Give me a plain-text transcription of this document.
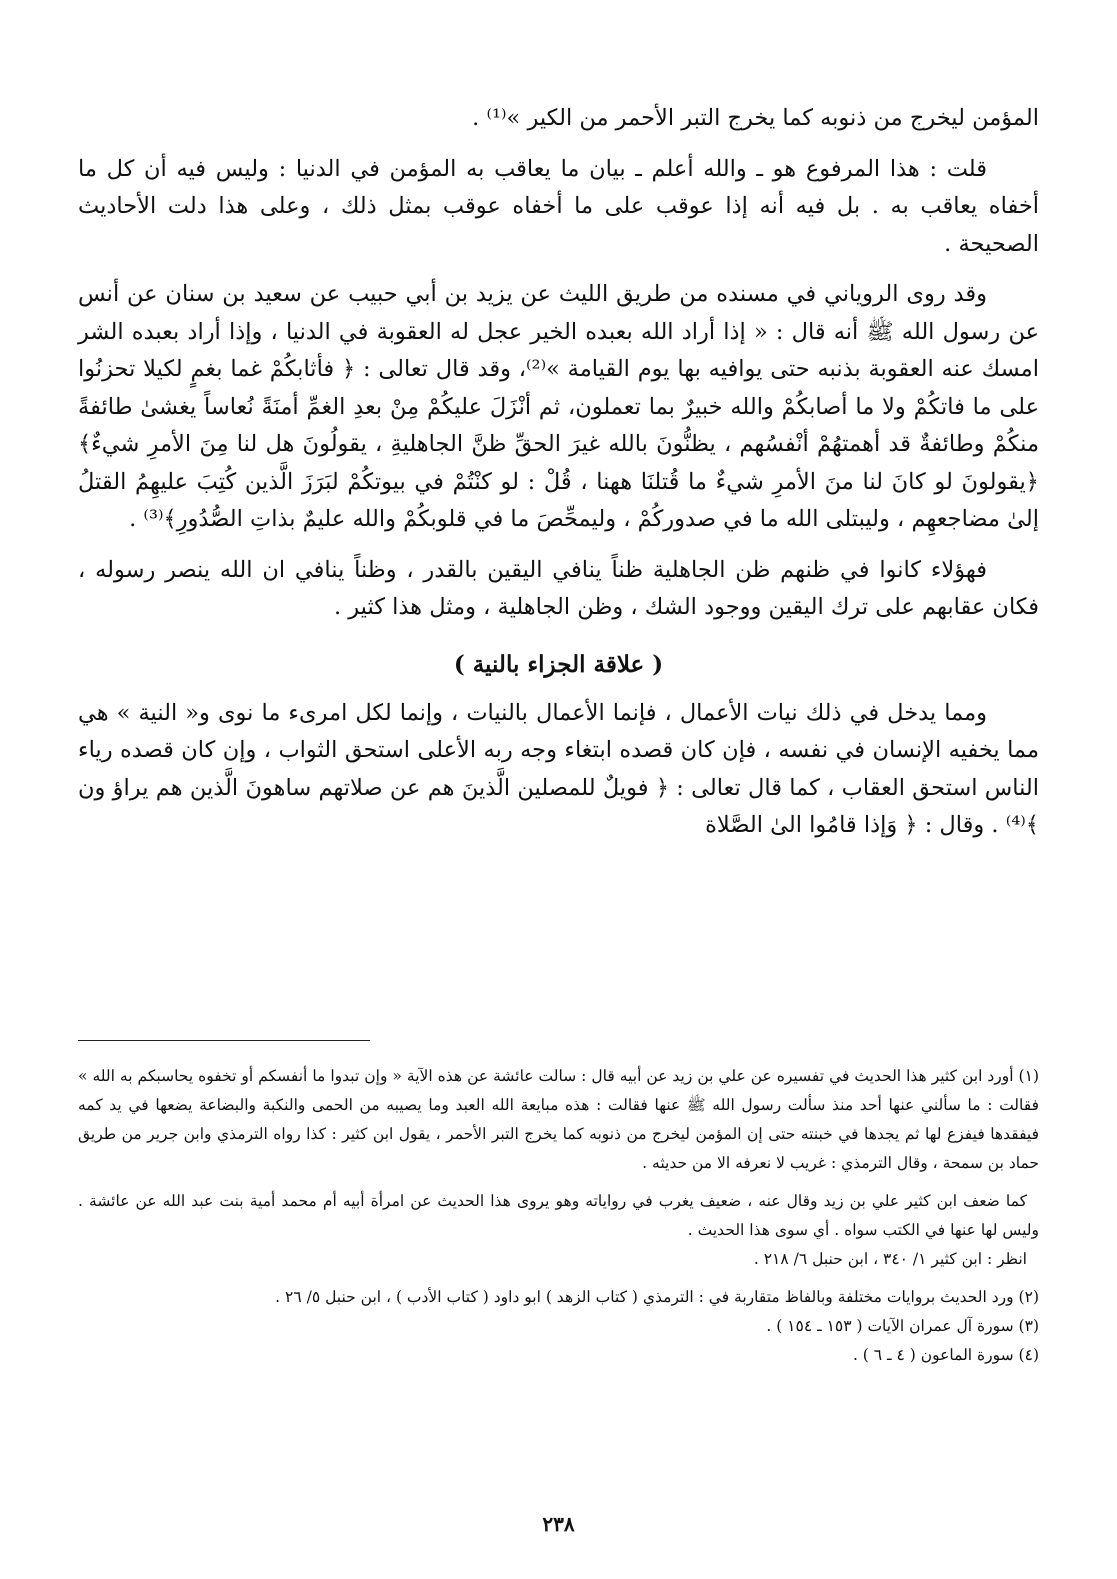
المؤمن ليخرج من ذنوبه كما يخرج التبر الأحمر من الكير »⁽¹⁾ .

قلت : هذا المرفوع هو ـ والله أعلم ـ بيان ما يعاقب به المؤمن في الدنيا : وليس فيه أن كل ما أخفاه يعاقب به . بل فيه أنه إذا عوقب على ما أخفاه عوقب بمثل ذلك ، وعلى هذا دلت الأحاديث الصحيحة .

وقد روى الروياني في مسنده من طريق الليث عن يزيد بن أبي حبيب عن سعيد بن سنان عن أنس عن رسول الله ﷺ أنه قال : « إذا أراد الله بعبده الخير عجل له العقوبة في الدنيا ، وإذا أراد بعبده الشر امسك عنه العقوبة بذنبه حتى يوافيه بها يوم القيامة »⁽²⁾، وقد قال تعالى : ﴿ فأثابكُمْ غما بغمٍ لكيلا تحزنُوا على ما فاتكُمْ ولا ما أصابكُمْ والله خبيرٌ بما تعملون، ثم أنْزَلَ عليكُمْ مِنْ بعدِ الغمِّ أمنَةً نُعاساً يغشىٰ طائفةً منكُمْ وطائفةٌ قد أهمتهُمْ أنْفسُهم ، يظنُّونَ بالله غيرَ الحقِّ ظنَّ الجاهليةِ ، يقولُونَ هل لنا مِنَ الأمرِ شيءٌ﴾ ﴿يقولونَ لو كانَ لنا منَ الأمرِ شيءٌ ما قُتلنَا ههنا ، قُلْ : لو كنْتُمْ في بيوتكُمْ لبَرَزَ الَّذين كُتِبَ عليهِمُ القتلُ إلىٰ مضاجعهِم ، وليبتلى الله ما في صدوركُمْ ، وليمحِّصَ ما في قلوبكُمْ والله عليمٌ بذاتِ الصُّدُورِ﴾⁽³⁾ .

فهؤلاء كانوا في ظنهم ظن الجاهلية ظناً ينافي اليقين بالقدر ، وظناً ينافي ان الله ينصر رسوله ، فكان عقابهم على ترك اليقين ووجود الشك ، وظن الجاهلية ، ومثل هذا كثير .

( علاقة الجزاء بالنية )

ومما يدخل في ذلك نيات الأعمال ، فإنما الأعمال بالنيات ، وإنما لكل امرىء ما نوى و« النية » هي مما يخفيه الإنسان في نفسه ، فإن كان قصده ابتغاء وجه ربه الأعلى استحق الثواب ، وإن كان قصده رياء الناس استحق العقاب ، كما قال تعالى : ﴿ فويلٌ للمصلين الَّذينَ هم عن صلاتهم ساهونَ الَّذين هم يراؤ ون ﴾⁽⁴⁾ . وقال : ﴿ وَإذا قامُوا الىٰ الصَّلاة

(١) أورد ابن كثير هذا الحديث في تفسيره عن علي بن زيد عن أبيه قال : سالت عائشة عن هذه الآية « وإن تبدوا ما أنفسكم أو تخفوه يحاسبكم به الله » فقالت : ما سألني عنها أحد منذ سألت رسول الله ﷺ عنها فقالت : هذه مبايعة الله العبد وما يصيبه من الحمى والنكبة والبضاعة يضعها في يد كمه فيفقدها فيفزع لها ثم يجدها في خبنته حتى إن المؤمن ليخرج من ذنوبه كما يخرج التبر الأحمر ، يقول ابن كثير : كذا رواه الترمذي وابن جرير من طريق حماد بن سمحة ، وقال الترمذي : غريب لا نعرفه الا من حديثه .

كما ضعف ابن كثير علي بن زيد وقال عنه ، ضعيف يغرب في رواياته وهو يروى هذا الحديث عن امرأة أبيه أم محمد أمية بنت عبد الله عن عائشة . وليس لها عنها في الكتب سواه . أي سوى هذا الحديث .

انظر : ابن كثير ١/ ٣٤٠ ، ابن حنبل ٦/ ٢١٨ .

(٢) ورد الحديث بروايات مختلفة وبالفاظ متقاربة في : الترمذي ( كتاب الزهد ) ابو داود ( كتاب الأدب ) ، ابن حنبل ٥/ ٢٦ .

(٣) سورة آل عمران الآيات ( ١٥٣ ـ ١٥٤ ) .

(٤) سورة الماعون ( ٤ ـ ٦ ) .

٢٣٨
